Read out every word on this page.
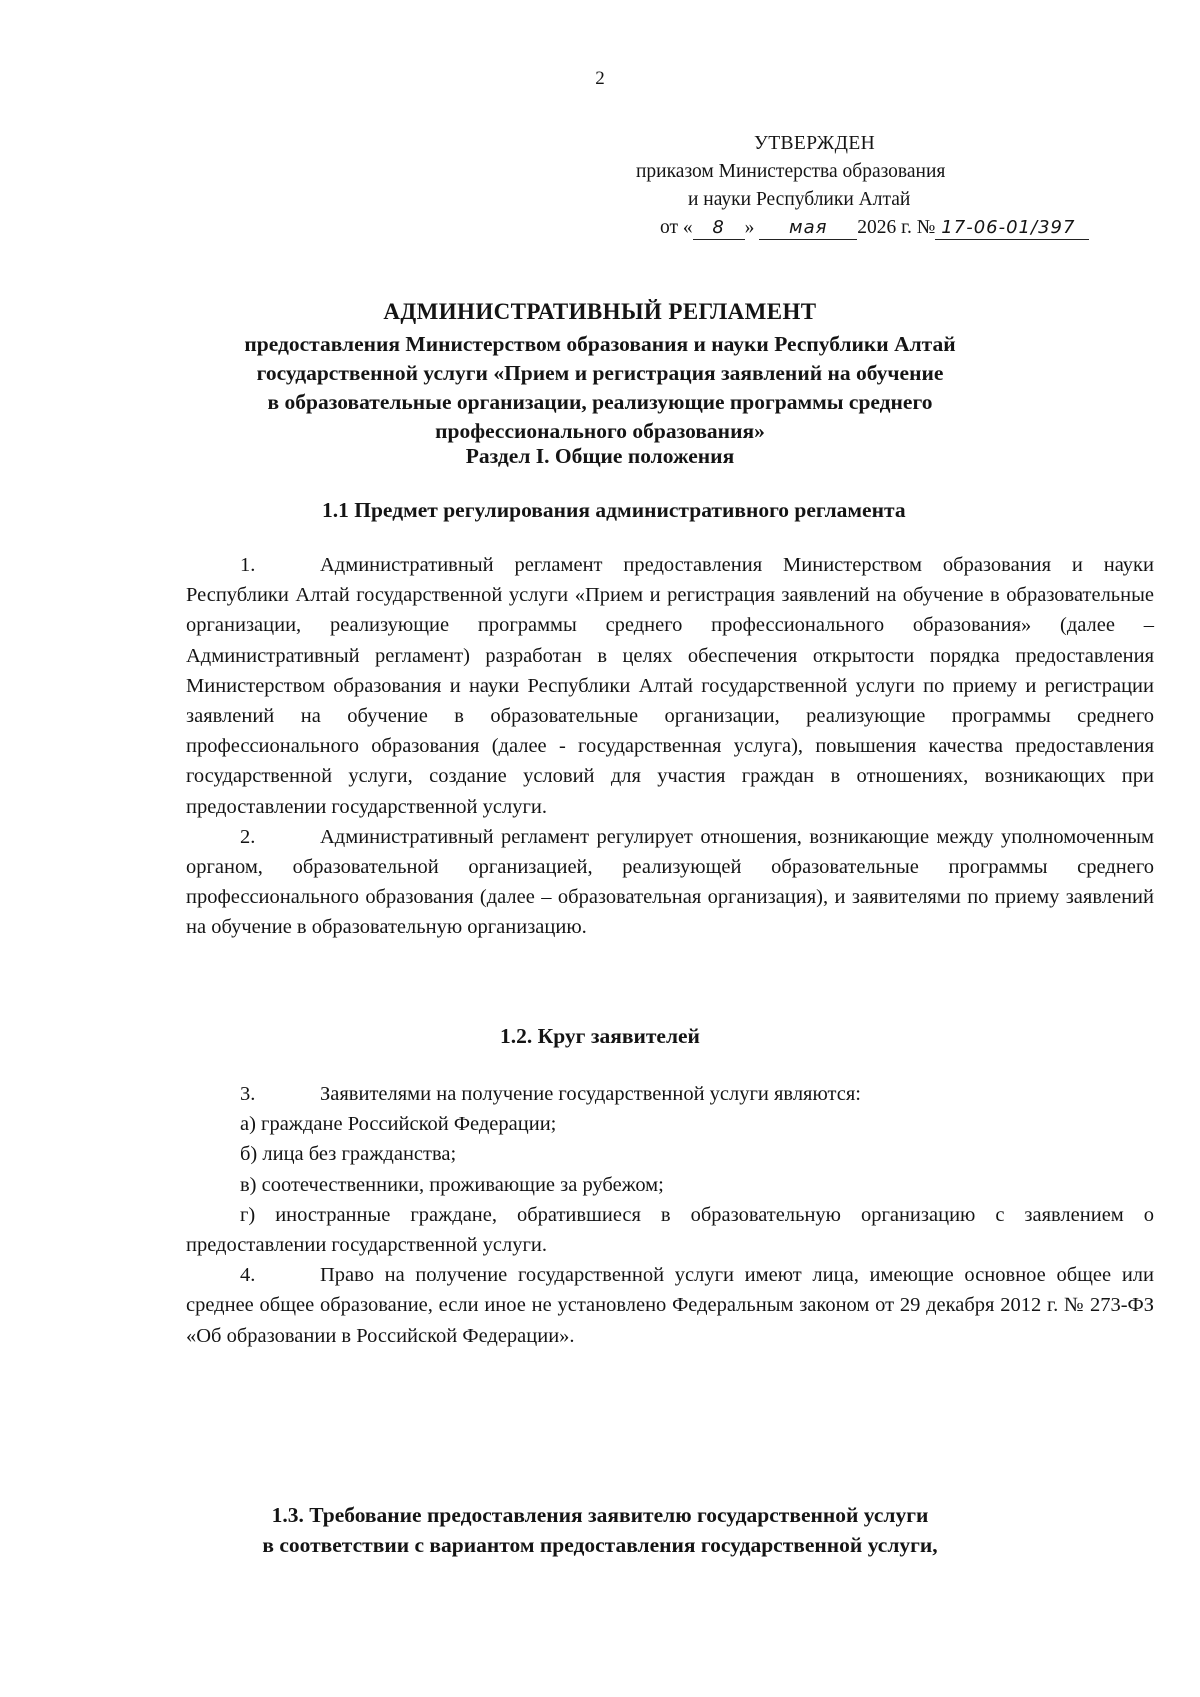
2
УТВЕРЖДЕН
приказом Министерства образования
и науки Республики Алтай
от « 8 » мая 2026 г. № 17-06-01/397
АДМИНИСТРАТИВНЫЙ РЕГЛАМЕНТ
предоставления Министерством образования и науки Республики Алтай
государственной услуги «Прием и регистрация заявлений на обучение
в образовательные организации, реализующие программы среднего
профессионального образования»
Раздел I. Общие положения
1.1 Предмет регулирования административного регламента

1.	Административный регламент предоставления Министерством образования и науки Республики Алтай государственной услуги «Прием и регистрация заявлений на обучение в образовательные организации, реализующие программы среднего профессионального образования» (далее – Административный регламент) разработан в целях обеспечения открытости порядка предоставления Министерством образования и науки Республики Алтай государственной услуги по приему и регистрации заявлений на обучение в образовательные организации, реализующие программы среднего профессионального образования (далее - государственная услуга), повышения качества предоставления государственной услуги, создание условий для участия граждан в отношениях, возникающих при предоставлении государственной услуги.

2.	Административный регламент регулирует отношения, возникающие между уполномоченным органом, образовательной организацией, реализующей образовательные программы среднего профессионального образования (далее – образовательная организация), и заявителями по приему заявлений на обучение в образовательную организацию.

1.2. Круг заявителей

3.	Заявителями на получение государственной услуги являются:

а) граждане Российской Федерации;

б) лица без гражданства;

в) соотечественники, проживающие за рубежом;

г) иностранные граждане, обратившиеся в образовательную организацию с заявлением о предоставлении государственной услуги.

4.	Право на получение государственной услуги имеют лица, имеющие основное общее или среднее общее образование, если иное не установлено Федеральным законом от 29 декабря 2012 г. № 273-ФЗ «Об образовании в Российской Федерации».

1.3. Требование предоставления заявителю государственной услуги
в соответствии с вариантом предоставления государственной услуги,
